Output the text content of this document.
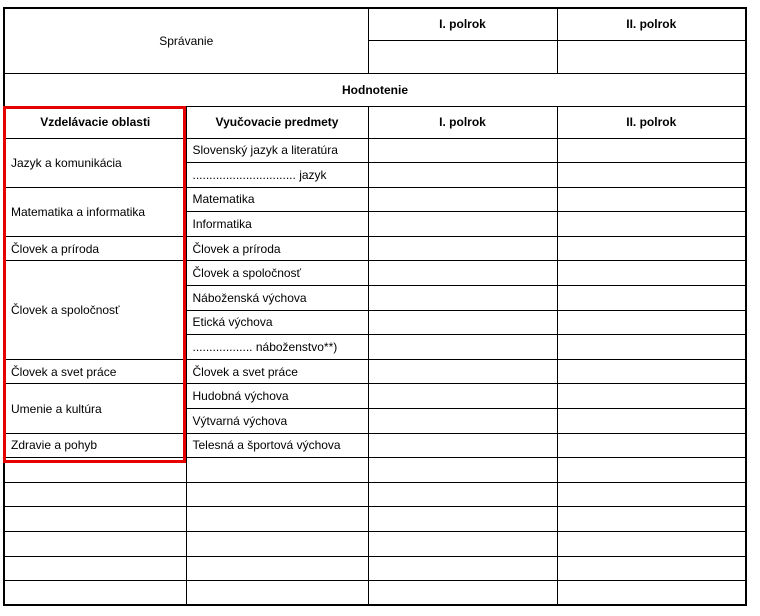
Správanie		I. polrok	II. polrok

Hodnotenie			
Vzdelávacie oblasti	Vyučovacie predmety	I. polrok	II. polrok
Jazyk a komunikácia	Slovenský jazyk a literatúra		
	............................... jazyk		
Matematika a informatika	Matematika		
	Informatika		
Človek a príroda	Človek a príroda		
Človek a spoločnosť	Človek a spoločnosť		
	Náboženská výchova		
	Etická výchova		
	.................. náboženstvo**)		
Človek a svet práce	Človek a svet práce		
Umenie a kultúra	Hudobná výchova		
	Výtvarná výchova		
Zdravie a pohyb	Telesná a športová výchova		
